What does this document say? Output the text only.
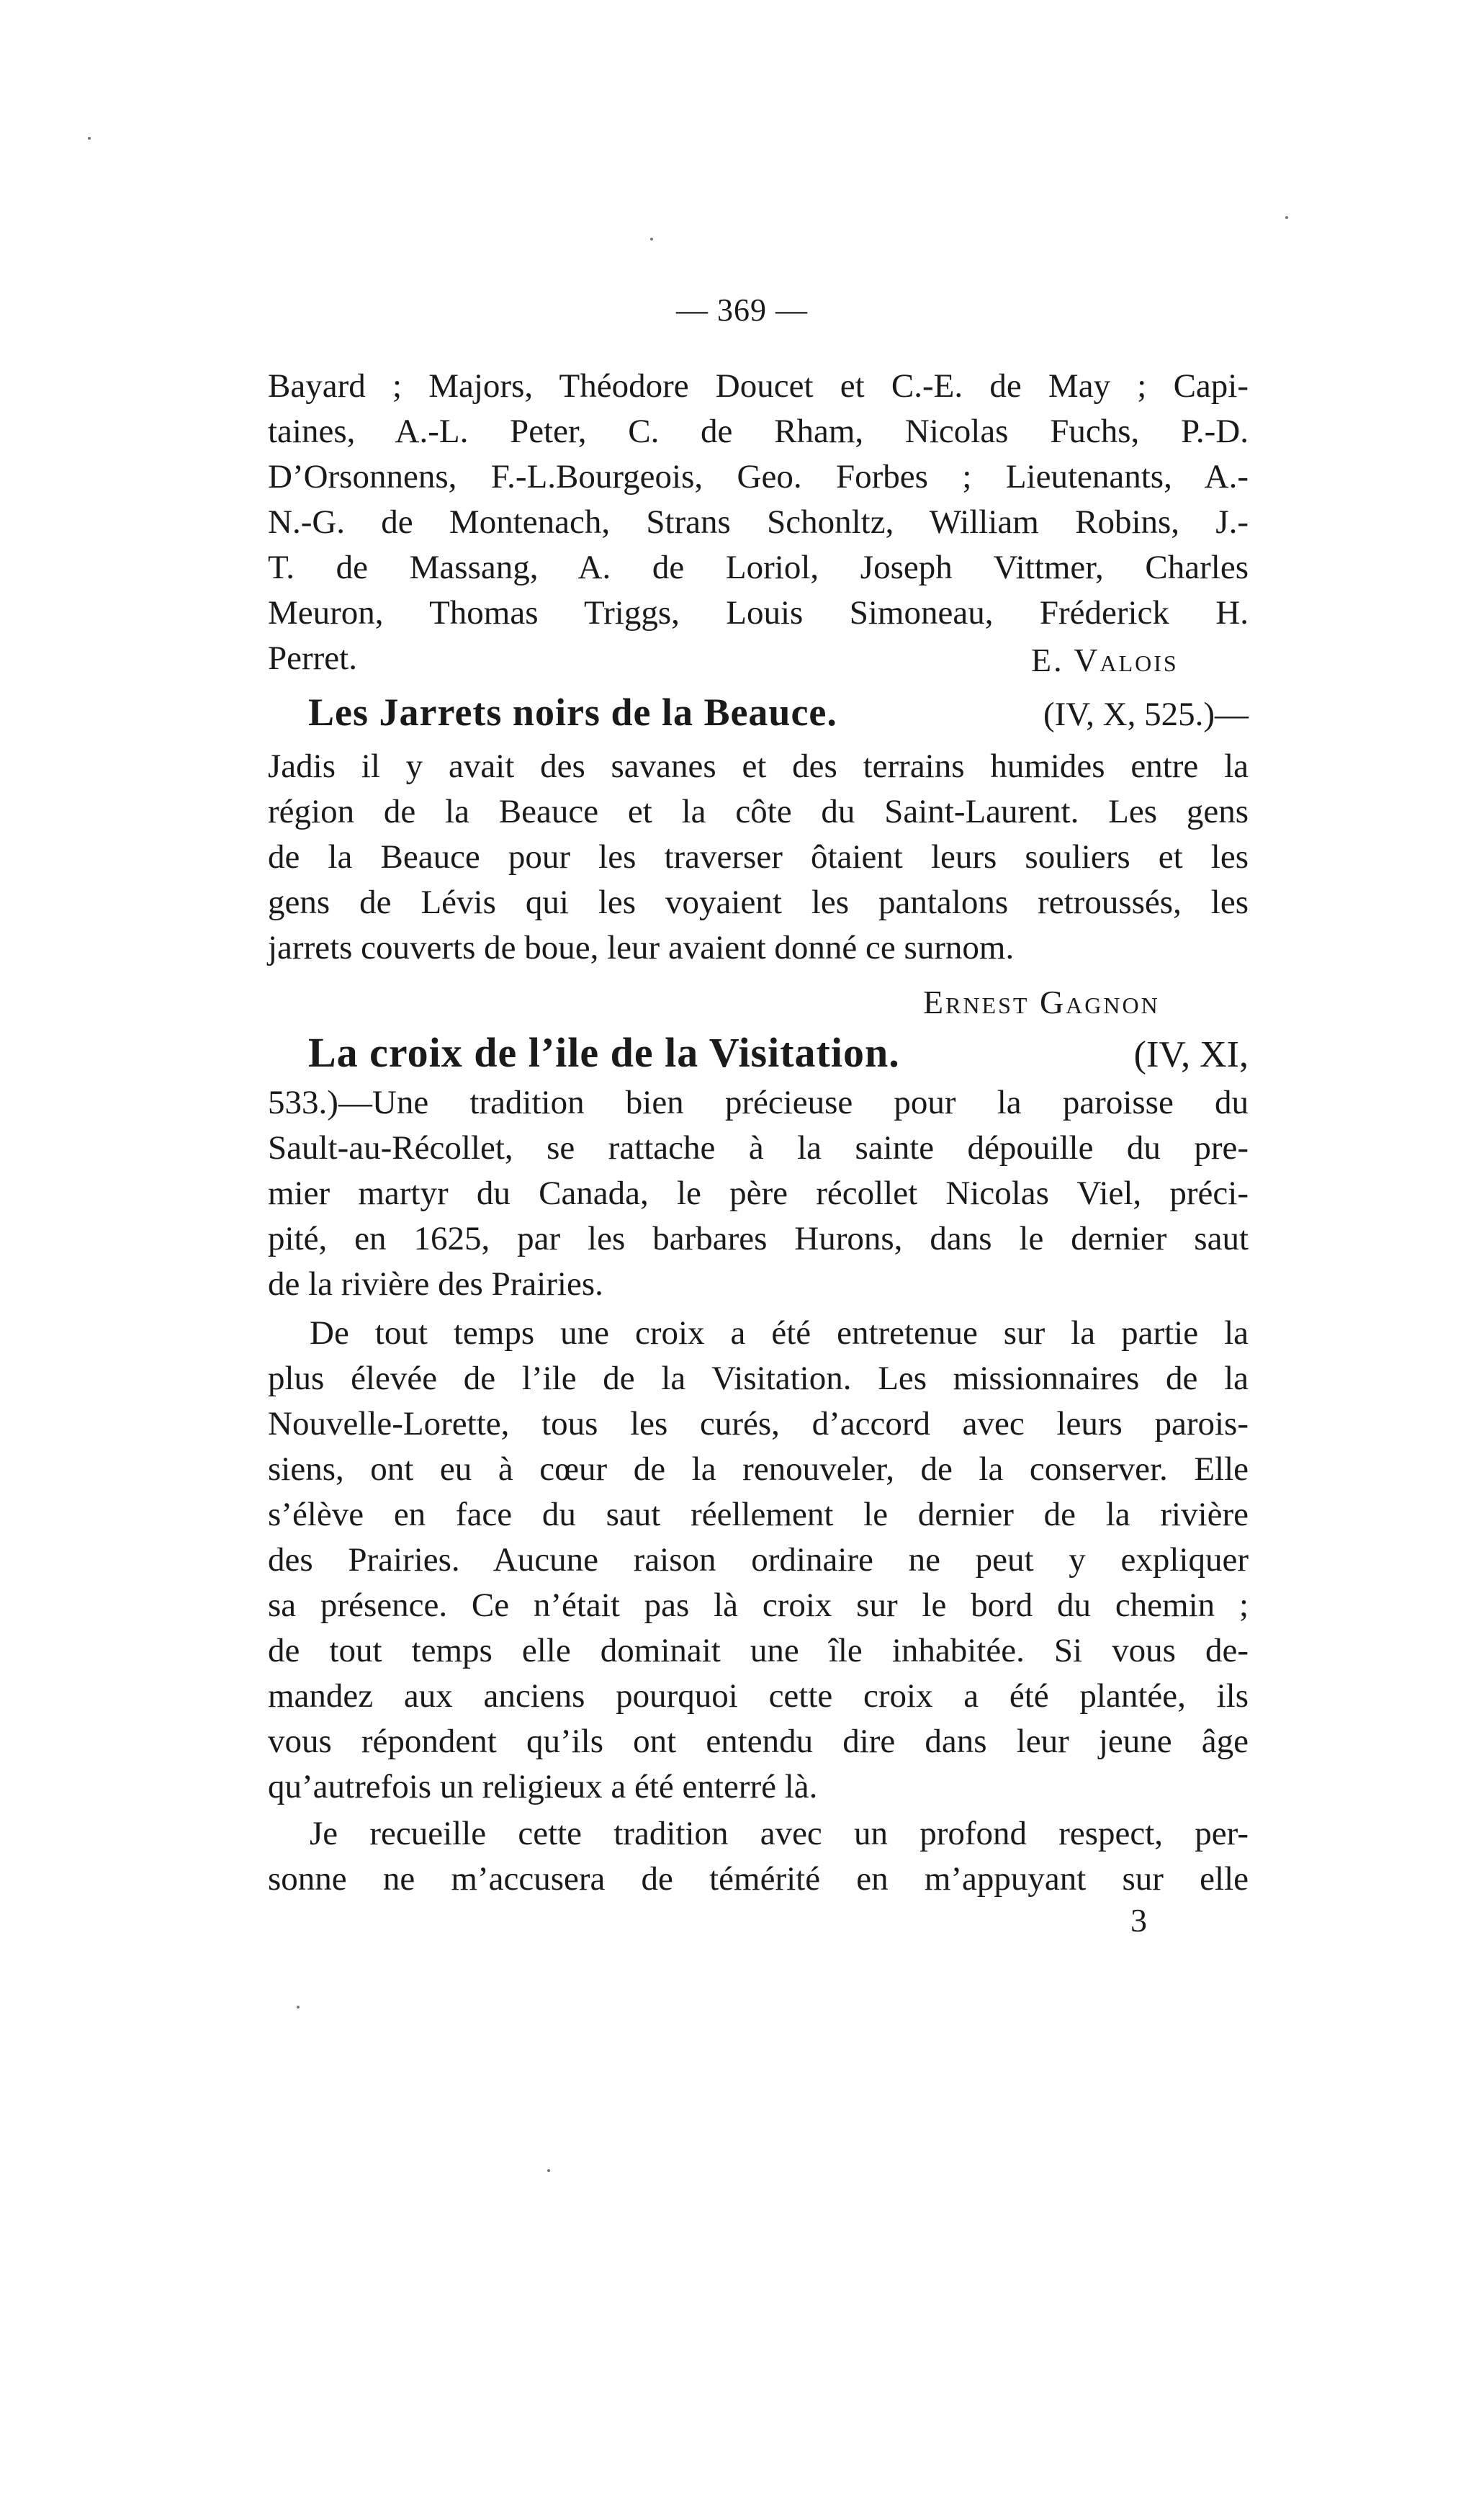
— 369 —
Bayard ; Majors, Théodore Doucet et C.-E. de May ; Capi-
taines, A.-L. Peter, C. de Rham, Nicolas Fuchs, P.-D.
D’Orsonnens, F.-L.Bourgeois, Geo. Forbes ; Lieutenants, A.-
N.-G. de Montenach, Strans Schonltz, William Robins, J.-
T. de Massang, A. de Loriol, Joseph Vittmer, Charles
Meuron, Thomas Triggs, Louis Simoneau, Fréderick H.
Perret.	E. Valois
Les Jarrets noirs de la Beauce.	(IV, X, 525.)—
Jadis il y avait des savanes et des terrains humides entre la
région de la Beauce et la côte du Saint-Laurent. Les gens
de la Beauce pour les traverser ôtaient leurs souliers et les
gens de Lévis qui les voyaient les pantalons retroussés, les
jarrets couverts de boue, leur avaient donné ce surnom.
Ernest Gagnon
La croix de l’ile de la Visitation.	(IV, XI,
533.)—Une tradition bien précieuse pour la paroisse du
Sault-au-Récollet, se rattache à la sainte dépouille du pre-
mier martyr du Canada, le père récollet Nicolas Viel, préci-
pité, en 1625, par les barbares Hurons, dans le dernier saut
de la rivière des Prairies.
De tout temps une croix a été entretenue sur la partie la
plus élevée de l’ile de la Visitation. Les missionnaires de la
Nouvelle-Lorette, tous les curés, d’accord avec leurs parois-
siens, ont eu à cœur de la renouveler, de la conserver. Elle
s’élève en face du saut réellement le dernier de la rivière
des Prairies. Aucune raison ordinaire ne peut y expliquer
sa présence. Ce n’était pas là croix sur le bord du chemin ;
de tout temps elle dominait une île inhabitée. Si vous de-
mandez aux anciens pourquoi cette croix a été plantée, ils
vous répondent qu’ils ont entendu dire dans leur jeune âge
qu’autrefois un religieux a été enterré là.
Je recueille cette tradition avec un profond respect, per-
sonne ne m’accusera de témérité en m’appuyant sur elle
3
